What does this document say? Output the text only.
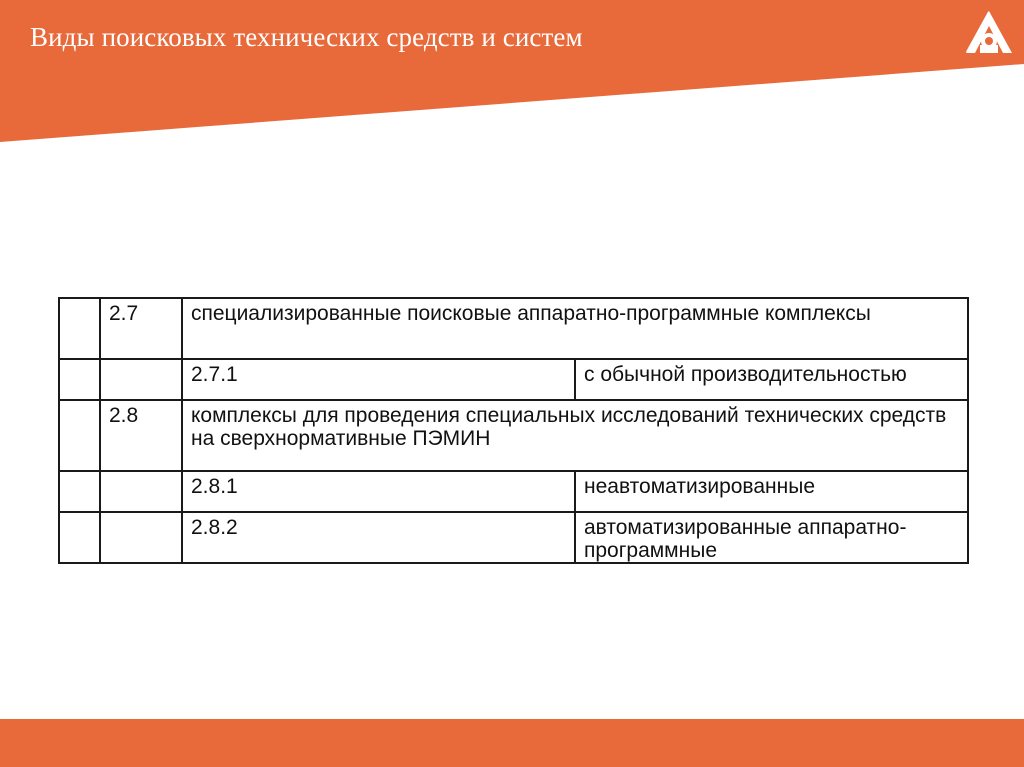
Виды поисковых технических средств и систем
	2.7	специализированные поисковые аппаратно-программные комплексы	
		2.7.1	с обычной производительностью
	2.8	комплексы для проведения специальных исследований технических средств на сверхнормативные ПЭМИН	
		2.8.1	неавтоматизированные
		2.8.2	автоматизированные аппаратно-программные
